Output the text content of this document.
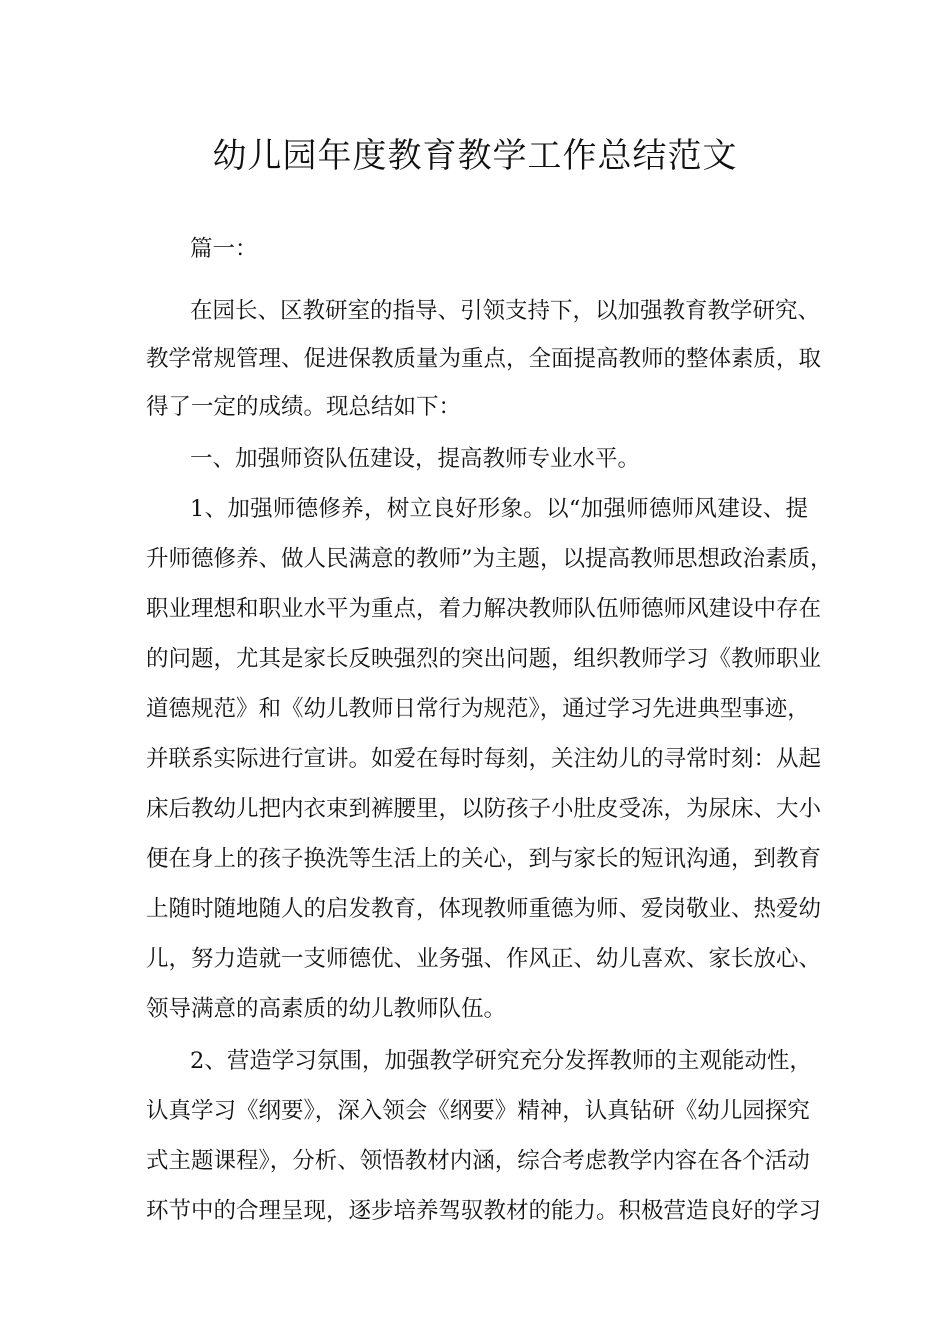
幼儿园年度教育教学工作总结范文

篇一：

在园长、区教研室的指导、引领支持下，以加强教育教学研究、

教学常规管理、促进保教质量为重点，全面提高教师的整体素质，取

得了一定的成绩。现总结如下：

一、加强师资队伍建设，提高教师专业水平。

1、加强师德修养，树立良好形象。以“加强师德师风建设、提

升师德修养、做人民满意的教师”为主题，以提高教师思想政治素质，

职业理想和职业水平为重点，着力解决教师队伍师德师风建设中存在

的问题，尤其是家长反映强烈的突出问题，组织教师学习《教师职业

道德规范》和《幼儿教师日常行为规范》，通过学习先进典型事迹，

并联系实际进行宣讲。如爱在每时每刻，关注幼儿的寻常时刻：从起

床后教幼儿把内衣束到裤腰里，以防孩子小肚皮受冻，为尿床、大小

便在身上的孩子换洗等生活上的关心，到与家长的短讯沟通，到教育

上随时随地随人的启发教育，体现教师重德为师、爱岗敬业、热爱幼

儿，努力造就一支师德优、业务强、作风正、幼儿喜欢、家长放心、

领导满意的高素质的幼儿教师队伍。

2、营造学习氛围，加强教学研究充分发挥教师的主观能动性，

认真学习《纲要》，深入领会《纲要》精神，认真钻研《幼儿园探究

式主题课程》，分析、领悟教材内涵，综合考虑教学内容在各个活动

环节中的合理呈现，逐步培养驾驭教材的能力。积极营造良好的学习
